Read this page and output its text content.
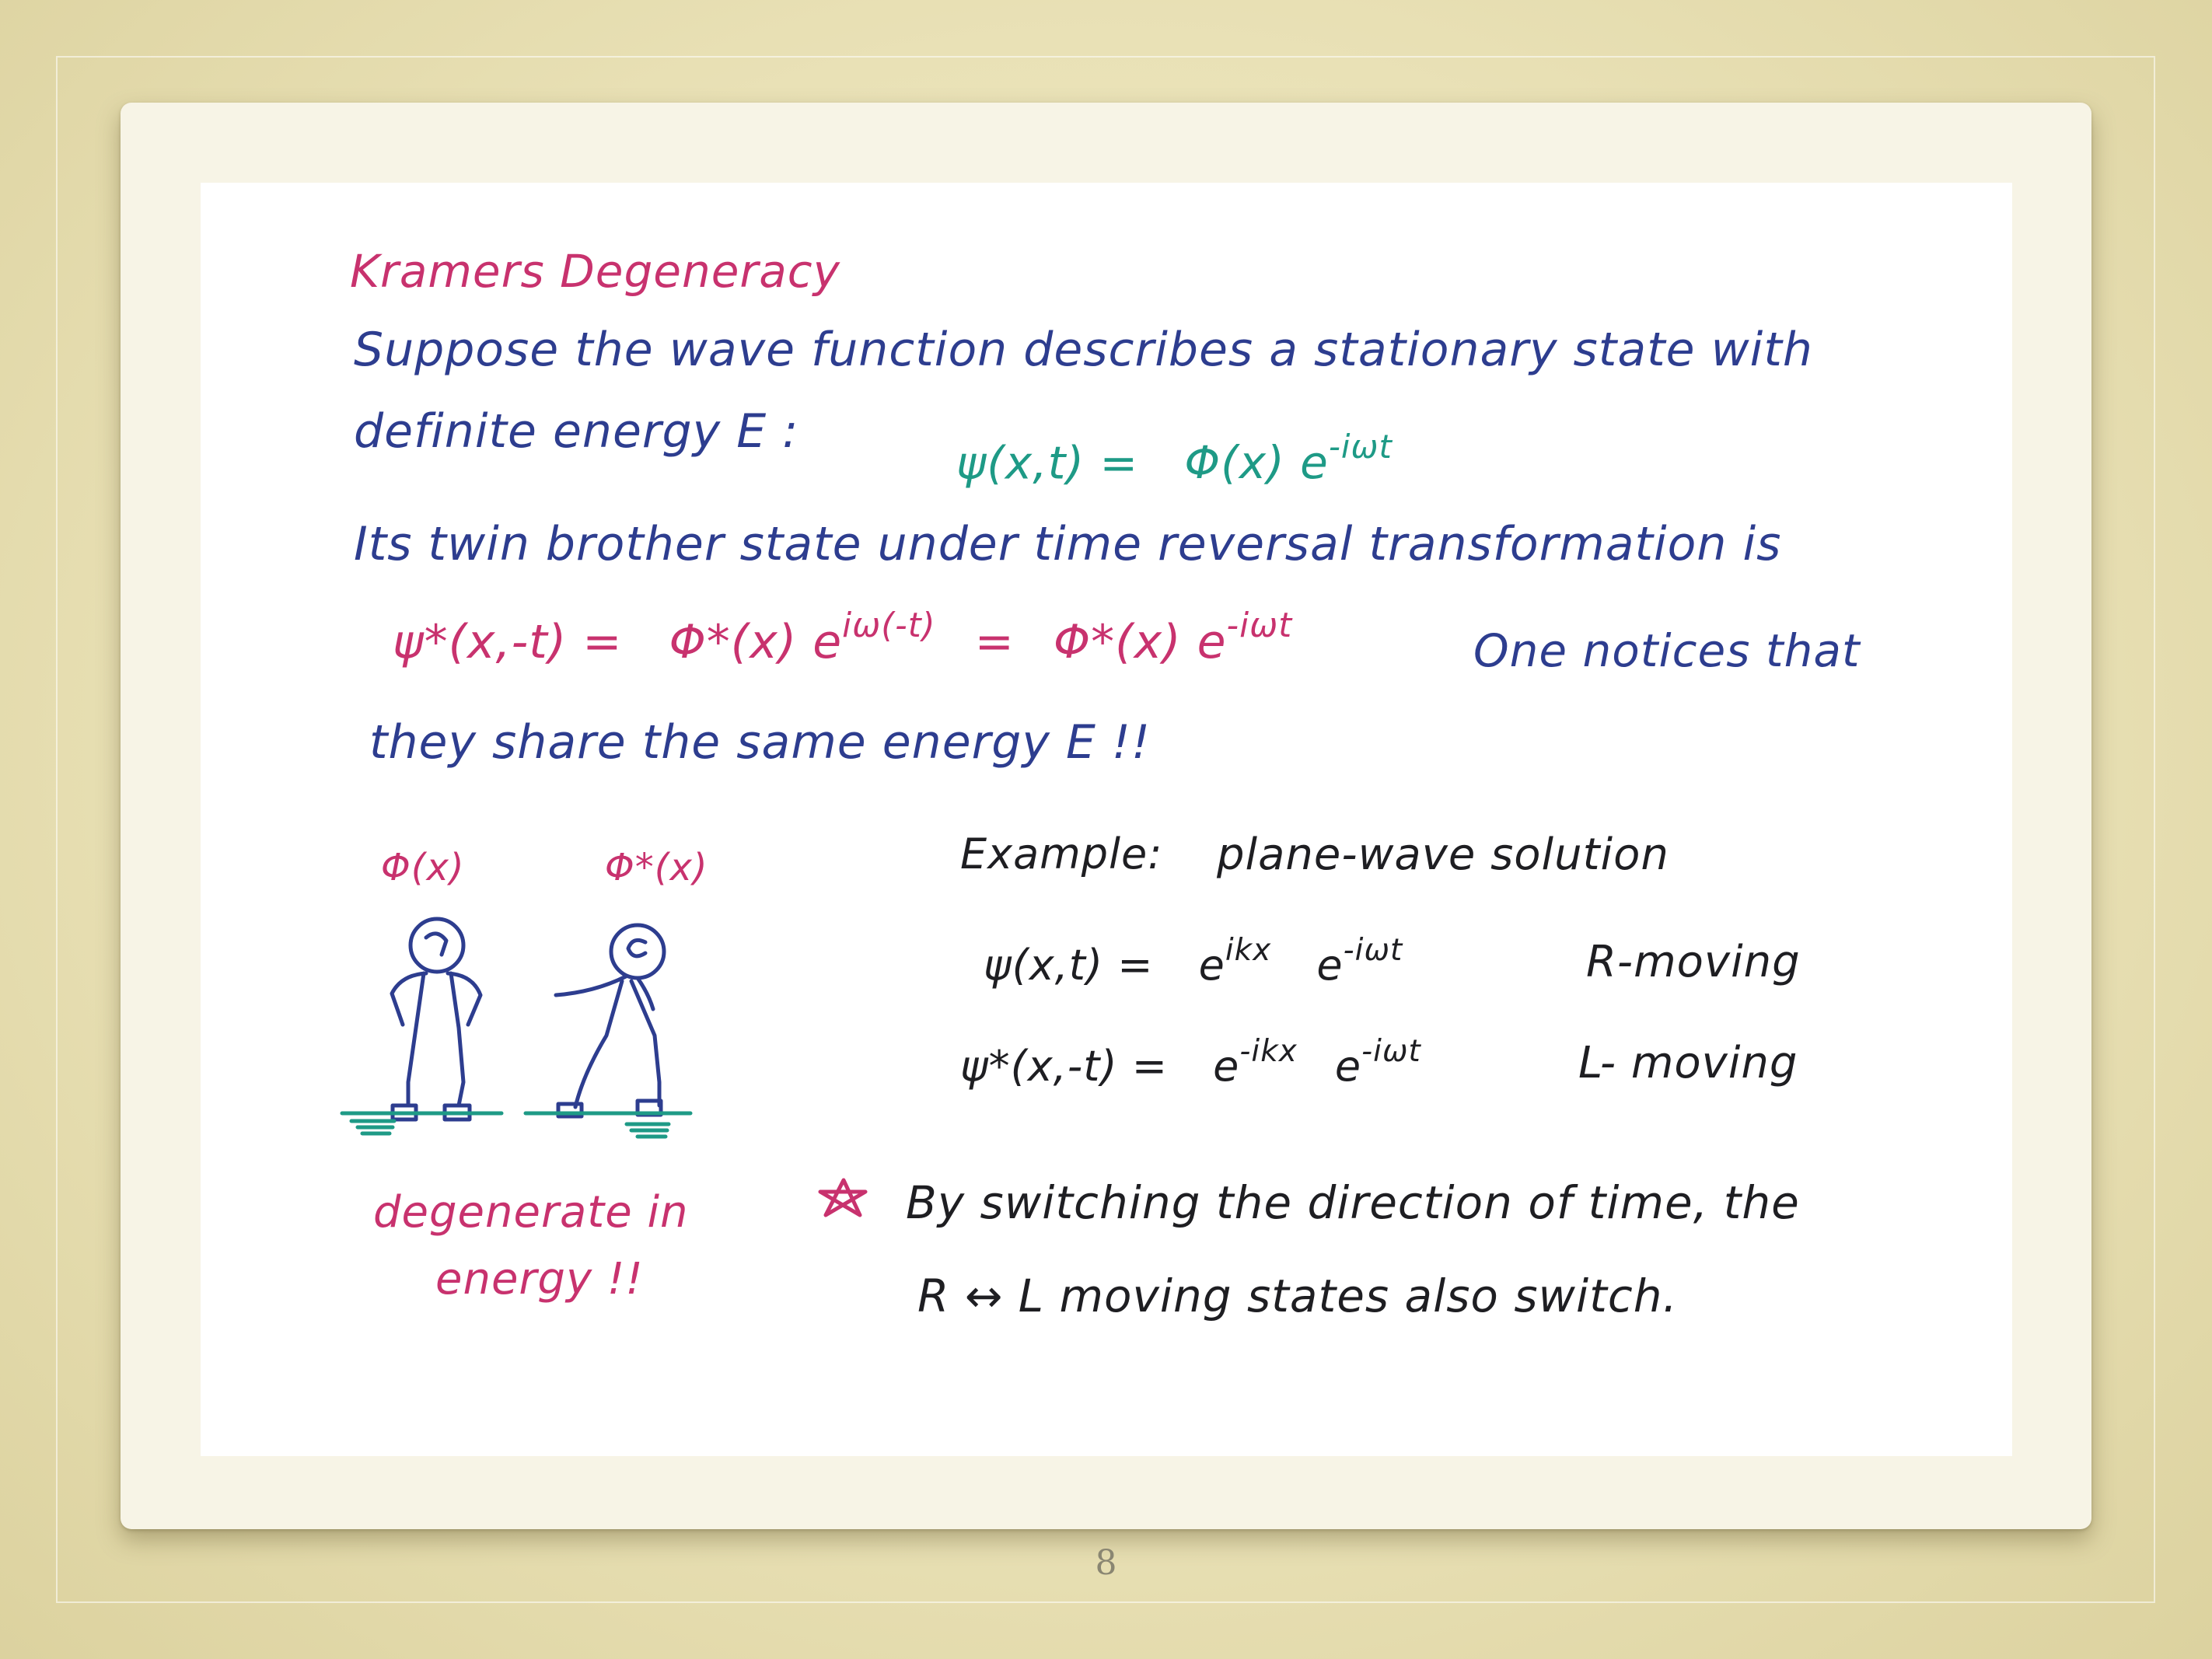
Kramers Degeneracy
Suppose the wave function describes a stationary state with
definite energy E :
ψ(x,t) = Φ(x) $e^{-i\omega t}$
Its twin brother state under time reversal transformation is
ψ*(x,-t) = Φ*(x) $e^{i\omega(-t)} = \Phi*(x)$ $e^{-i\omega t}$	One notices that
they share the same energy E !!
Φ(x)	Φ*(x)
degenerate in
energy !!
Example: plane-wave solution
$\psi(x,t) = e^{ikx}$ $e^{-i\omega t}$	R-moving
$\psi*(x,-t) = e^{-ikx}$ $e^{-i\omega t}$	L- moving
By switching the direction of time, the
R ↔ L moving states also switch.
8
